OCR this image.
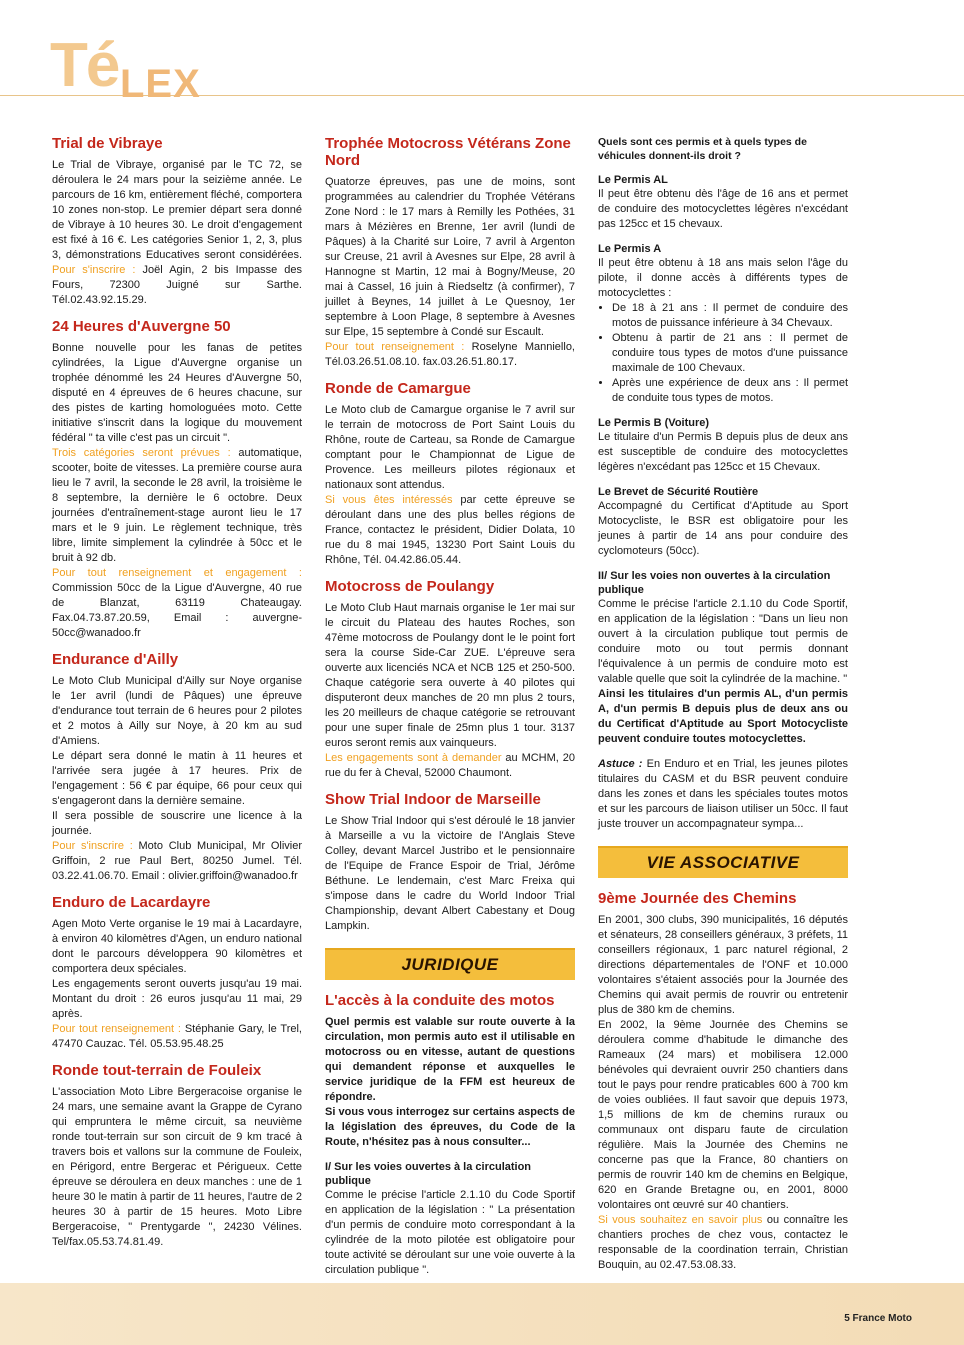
Té LEX
Trial de Vibraye

Le Trial de Vibraye, organisé par le TC 72, se déroulera le 24 mars pour la seizième année. Le parcours de 16 km, entièrement fléché, comportera 10 zones non-stop. Le premier départ sera donné de Vibraye à 10 heures 30. Le droit d'engagement est fixé à 16 €. Les catégories Senior 1, 2, 3, plus 3, démonstrations Educatives seront considérées. Pour s'inscrire : Joël Agin, 2 bis Impasse des Fours, 72300 Juigné sur Sarthe. Tél.02.43.92.15.29.

24 Heures d'Auvergne 50

Bonne nouvelle pour les fanas de petites cylindrées, la Ligue d'Auvergne organise un trophée dénommé les 24 Heures d'Auvergne 50, disputé en 4 épreuves de 6 heures chacune, sur des pistes de karting homologuées moto. Cette initiative s'inscrit dans la logique du mouvement fédéral " ta ville c'est pas un circuit ".
Trois catégories seront prévues : automatique, scooter, boite de vitesses. La première course aura lieu le 7 avril, la seconde le 28 avril, la troisième le 8 septembre, la dernière le 6 octobre. Deux journées d'entraînement-stage auront lieu le 17 mars et le 9 juin. Le règlement technique, très libre, limite simplement la cylindrée à 50cc et le bruit à 92 db.
Pour tout renseignement et engagement : Commission 50cc de la Ligue d'Auvergne, 40 rue de Blanzat, 63119 Chateaugay. Fax.04.73.87.20.59, Email : auvergne-50cc@wanadoo.fr

Endurance d'Ailly

Le Moto Club Municipal d'Ailly sur Noye organise le 1er avril (lundi de Pâques) une épreuve d'endurance tout terrain de 6 heures pour 2 pilotes et 2 motos à Ailly sur Noye, à 20 km au sud d'Amiens.
Le départ sera donné le matin à 11 heures et l'arrivée sera jugée à 17 heures. Prix de l'engagement : 56 € par équipe, 66 pour ceux qui s'engageront dans la dernière semaine.
Il sera possible de souscrire une licence à la journée.
Pour s'inscrire : Moto Club Municipal, Mr Olivier Griffoin, 2 rue Paul Bert, 80250 Jumel. Tél. 03.22.41.06.70. Email : olivier.griffoin@wanadoo.fr

Enduro de Lacardayre

Agen Moto Verte organise le 19 mai à Lacardayre, à environ 40 kilomètres d'Agen, un enduro national dont le parcours développera 90 kilomètres et comportera deux spéciales.
Les engagements seront ouverts jusqu'au 19 mai. Montant du droit : 26 euros jusqu'au 11 mai, 29 après.
Pour tout renseignement : Stéphanie Gary, le Trel, 47470 Cauzac. Tél. 05.53.95.48.25

Ronde tout-terrain de Fouleix

L'association Moto Libre Bergeracoise organise le 24 mars, une semaine avant la Grappe de Cyrano qui empruntera le même circuit, sa neuvième ronde tout-terrain sur son circuit de 9 km tracé à travers bois et vallons sur la commune de Fouleix, en Périgord, entre Bergerac et Périgueux. Cette épreuve se déroulera en deux manches : une de 1 heure 30 le matin à partir de 11 heures, l'autre de 2 heures 30 à partir de 15 heures. Moto Libre Bergeracoise, " Prentygarde ", 24230 Vélines. Tel/fax.05.53.74.81.49.

Trophée Motocross Vétérans Zone Nord

Quatorze épreuves, pas une de moins, sont programmées au calendrier du Trophée Vétérans Zone Nord : le 17 mars à Remilly les Pothées, 31 mars à Mézières en Brenne, 1er avril (lundi de Pâques) à la Charité sur Loire, 7 avril à Argenton sur Creuse, 21 avril à Avesnes sur Elpe, 28 avril à Hannogne st Martin, 12 mai à Bogny/Meuse, 20 mai à Cassel, 16 juin à Riedseltz (à confirmer), 7 juillet à Beynes, 14 juillet à Le Quesnoy, 1er septembre à Loon Plage, 8 septembre à Avesnes sur Elpe, 15 septembre à Condé sur Escault.
Pour tout renseignement : Roselyne Manniello, Tél.03.26.51.08.10. fax.03.26.51.80.17.

Ronde de Camargue

Le Moto club de Camargue organise le 7 avril sur le terrain de motocross de Port Saint Louis du Rhône, route de Carteau, sa Ronde de Camargue comptant pour le Championnat de Ligue de Provence. Les meilleurs pilotes régionaux et nationaux sont attendus.
Si vous êtes intéressés par cette épreuve se déroulant dans une des plus belles régions de France, contactez le président, Didier Dolata, 10 rue du 8 mai 1945, 13230 Port Saint Louis du Rhône, Tél. 04.42.86.05.44.

Motocross de Poulangy

Le Moto Club Haut marnais organise le 1er mai sur le circuit du Plateau des hautes Roches, son 47ème motocross de Poulangy dont le le point fort sera la course Side-Car ZUE. L'épreuve sera ouverte aux licenciés NCA et NCB 125 et 250-500. Chaque catégorie sera ouverte à 40 pilotes qui disputeront deux manches de 20 mn plus 2 tours, les 20 meilleurs de chaque catégorie se retrouvant pour une super finale de 25mn plus 1 tour. 3137 euros seront remis aux vainqueurs.
Les engagements sont à demander au MCHM, 20 rue du fer à Cheval, 52000 Chaumont.

Show Trial Indoor de Marseille

Le Show Trial Indoor qui s'est déroulé le 18 janvier à Marseille a vu la victoire de l'Anglais Steve Colley, devant Marcel Justribo et le pensionnaire de l'Equipe de France Espoir de Trial, Jérôme Béthune. Le lendemain, c'est Marc Freixa qui s'impose dans le cadre du World Indoor Trial Championship, devant Albert Cabestany et Doug Lampkin.

JURIDIQUE
L'accès à la conduite des motos

Quel permis est valable sur route ouverte à la circulation, mon permis auto est il utilisable en motocross ou en vitesse, autant de questions qui demandent réponse et auxquelles le service juridique de la FFM est heureux de répondre.

Si vous vous interrogez sur certains aspects de la législation des épreuves, du Code de la Route, n'hésitez pas à nous consulter...

I/ Sur les voies ouvertes à la circulation publique

Comme le précise l'article 2.1.10 du Code Sportif en application de la législation : " La présentation d'un permis de conduire moto correspondant à la cylindrée de la moto pilotée est obligatoire pour toute activité se déroulant sur une voie ouverte à la circulation publique ".

Quels sont ces permis et à quels types de véhicules donnent-ils droit ?
Le Permis AL

Il peut être obtenu dès l'âge de 16 ans et permet de conduire des motocyclettes légères n'excédant pas 125cc et 15 chevaux.

Le Permis A

Il peut être obtenu à 18 ans mais selon l'âge du pilote, il donne accès à différents types de motocyclettes :

• De 18 à 21 ans : Il permet de conduire des motos de puissance inférieure à 34 Chevaux.
• Obtenu à partir de 21 ans : Il permet de conduire tous types de motos d'une puissance maximale de 100 Chevaux.
• Après une expérience de deux ans : Il permet de conduite tous types de motos.
Le Permis B (Voiture)

Le titulaire d'un Permis B depuis plus de deux ans est susceptible de conduire des motocyclettes légères n'excédant pas 125cc et 15 Chevaux.

Le Brevet de Sécurité Routière

Accompagné du Certificat d'Aptitude au Sport Motocycliste, le BSR est obligatoire pour les jeunes à partir de 14 ans pour conduire des cyclomoteurs (50cc).

II/ Sur les voies non ouvertes à la circulation publique

Comme le précise l'article 2.1.10 du Code Sportif, en application de la législation : "Dans un lieu non ouvert à la circulation publique tout permis de conduire moto ou tout permis donnant l'équivalence à un permis de conduire moto est valable quelle que soit la cylindrée de la machine. "

Ainsi les titulaires d'un permis AL, d'un permis A, d'un permis B depuis plus de deux ans ou du Certificat d'Aptitude au Sport Motocycliste peuvent conduire toutes motocyclettes.

Astuce : En Enduro et en Trial, les jeunes pilotes titulaires du CASM et du BSR peuvent conduire dans les zones et dans les spéciales toutes motos et sur les parcours de liaison utiliser un 50cc. Il faut juste trouver un accompagnateur sympa...

VIE ASSOCIATIVE
9ème Journée des Chemins

En 2001, 300 clubs, 390 municipalités, 16 députés et sénateurs, 28 conseillers généraux, 3 préfets, 11 conseillers régionaux, 1 parc naturel régional, 2 directions départementales de l'ONF et 10.000 volontaires s'étaient associés pour la Journée des Chemins qui avait permis de rouvrir ou entretenir plus de 380 km de chemins.

En 2002, la 9ème Journée des Chemins se déroulera comme d'habitude le dimanche des Rameaux (24 mars) et mobilisera 12.000 bénévoles qui devraient ouvrir 250 chantiers dans tout le pays pour rendre praticables 600 à 700 km de voies oubliées. Il faut savoir que depuis 1973, 1,5 millions de km de chemins ruraux ou communaux ont disparu faute de circulation régulière. Mais la Journée des Chemins ne concerne pas que la France, 80 chantiers on permis de rouvrir 140 km de chemins en Belgique, 620 en Grande Bretagne ou, en 2001, 8000 volontaires ont œuvré sur 40 chantiers.

Si vous souhaitez en savoir plus ou connaître les chantiers proches de chez vous, contactez le responsable de la coordination terrain, Christian Bouquin, au 02.47.53.08.33.

5 France Moto
